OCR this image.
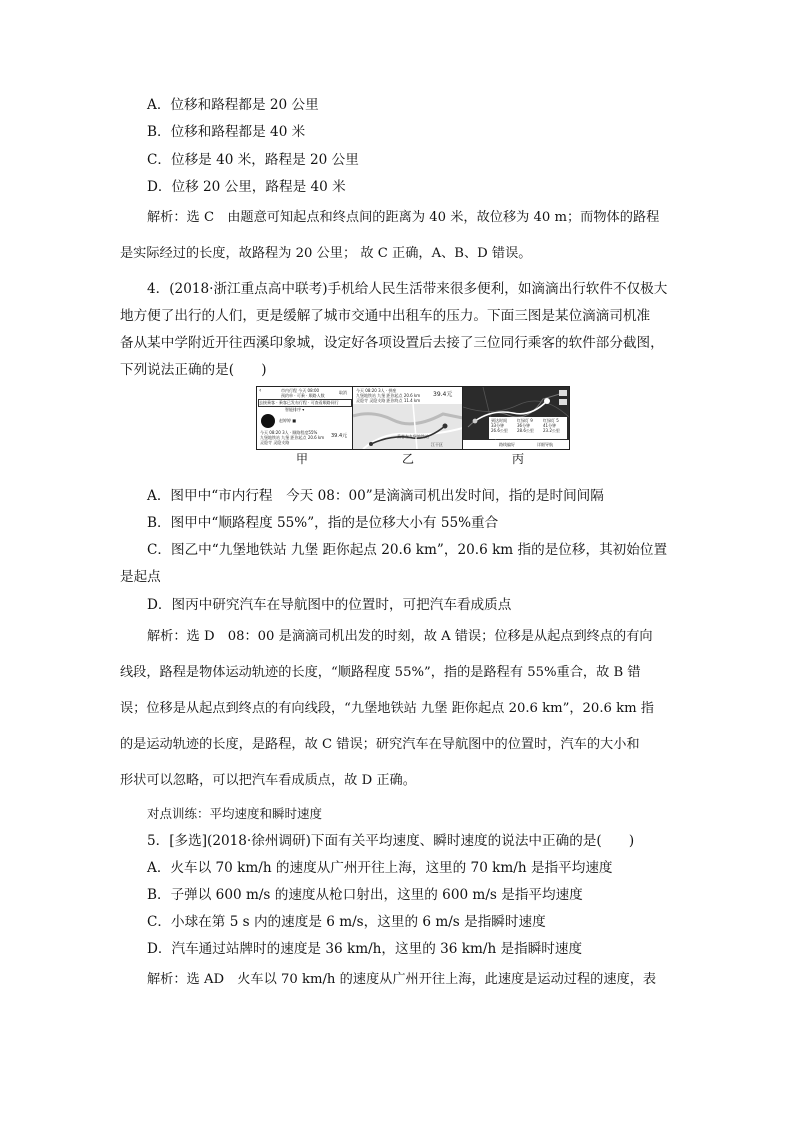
A．位移和路程都是 20 公里
B．位移和路程都是 40 米
C．位移是 40 米，路程是 20 公里
D．位移 20 公里，路程是 40 米
解析：选 C　由题意可知起点和终点间的距离为 40 米，故位移为 40 m；而物体的路程
是实际经过的长度，故路程为 20 公里； 故 C 正确，A、B、D 错误。
4．(2018·浙江重点高中联考)手机给人民生活带来很多便利，如滴滴出行软件不仅极大
地方便了出行的人们，更是缓解了城市交通中出租车的压力。下面三图是某位滴滴司机准
备从某中学附近开往西溪印象城，设定好各项设置后去接了三位同行乘客的软件部分截图，
下列说法正确的是(　　)
‹	市内行程 今天 08:00
预约单 · 可乘 · 顺路人数
取消
去接乘客 · 乘客已发布行程 · 可查看顺路同行
智能排序 ▾
赵婷婷 ■
今天 08:20 3人 · 顺路程度55%
九堡地铁站 九堡 距你起点 20.6 km
灵隐寺 灵隐支路
39.4元
今天 08:20 3人 · 拼座
九堡地铁站 九堡 距你起点 20.6 km
灵隐寺 灵隐支路 距你终点 11.4 km
39.4元
乘客在九堡地铁站
江干区
到达时间
33分钟
26.6公里
红绿灯 9
36分钟
28.6公里
红绿灯 5
41分钟
23.2公里
路线偏好	详细导航
甲	乙	丙
A．图甲中“市内行程　今天 08：00”是滴滴司机出发时间，指的是时间间隔
B．图甲中“顺路程度 55%”，指的是位移大小有 55%重合
C．图乙中“九堡地铁站 九堡 距你起点 20.6 km”，20.6 km 指的是位移，其初始位置
是起点
D．图丙中研究汽车在导航图中的位置时，可把汽车看成质点
解析：选 D　08：00 是滴滴司机出发的时刻，故 A 错误；位移是从起点到终点的有向
线段，路程是物体运动轨迹的长度，“顺路程度 55%”，指的是路程有 55%重合，故 B 错
误；位移是从起点到终点的有向线段，“九堡地铁站 九堡 距你起点 20.6 km”，20.6 km 指
的是运动轨迹的长度，是路程，故 C 错误；研究汽车在导航图中的位置时，汽车的大小和
形状可以忽略，可以把汽车看成质点，故 D 正确。
对点训练：平均速度和瞬时速度
5．[多选](2018·徐州调研)下面有关平均速度、瞬时速度的说法中正确的是(　　)
A．火车以 70 km/h 的速度从广州开往上海，这里的 70 km/h 是指平均速度
B．子弹以 600 m/s 的速度从枪口射出，这里的 600 m/s 是指平均速度
C．小球在第 5 s 内的速度是 6 m/s，这里的 6 m/s 是指瞬时速度
D．汽车通过站牌时的速度是 36 km/h，这里的 36 km/h 是指瞬时速度
解析：选 AD　火车以 70 km/h 的速度从广州开往上海，此速度是运动过程的速度，表
